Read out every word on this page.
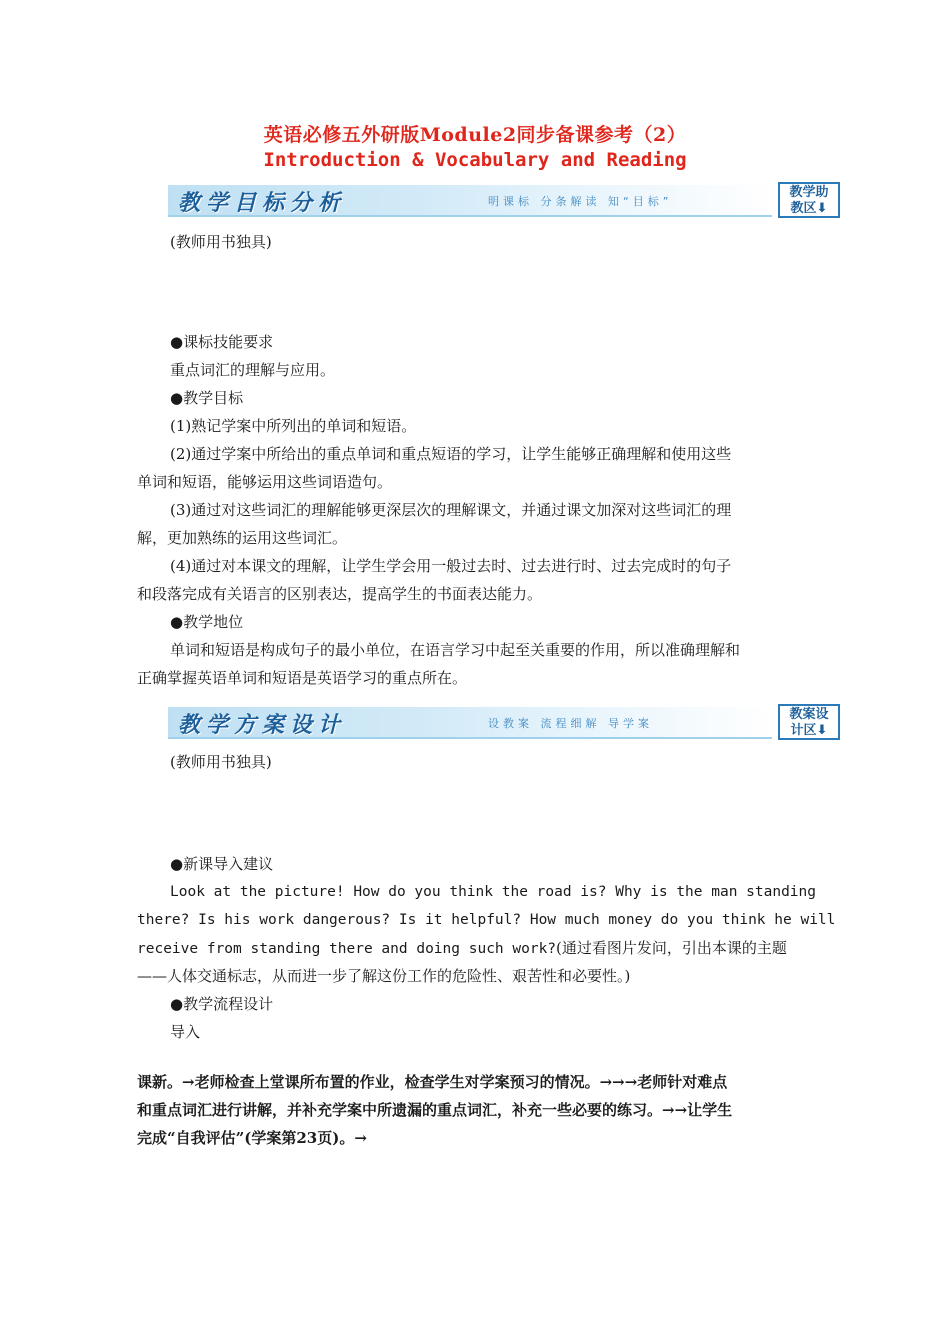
英语必修五外研版Module2同步备课参考（2）
Introduction & Vocabulary and Reading
教学目标分析	明课标 分条解读 知“目标”
教学助
教区⬇
(教师用书独具)
●课标技能要求
重点词汇的理解与应用。
●教学目标
(1)熟记学案中所列出的单词和短语。
(2)通过学案中所给出的重点单词和重点短语的学习，让学生能够正确理解和使用这些
单词和短语，能够运用这些词语造句。
(3)通过对这些词汇的理解能够更深层次的理解课文，并通过课文加深对这些词汇的理
解，更加熟练的运用这些词汇。
(4)通过对本课文的理解，让学生学会用一般过去时、过去进行时、过去完成时的句子
和段落完成有关语言的区别表达，提高学生的书面表达能力。
●教学地位
单词和短语是构成句子的最小单位，在语言学习中起至关重要的作用，所以准确理解和
正确掌握英语单词和短语是英语学习的重点所在。
教学方案设计	设教案 流程细解 导学案
教案设
计区⬇
(教师用书独具)
●新课导入建议
Look at the picture! How do you think the road is? Why is the man standing
there? Is his work dangerous? Is it helpful? How much money do you think he will
receive from standing there and doing such work?(通过看图片发问，引出本课的主题
——人体交通标志，从而进一步了解这份工作的危险性、艰苦性和必要性。)
●教学流程设计
导入
课新。→老师检查上堂课所布置的作业，检查学生对学案预习的情况。→→→老师针对难点
和重点词汇进行讲解，并补充学案中所遗漏的重点词汇，补充一些必要的练习。→→让学生
完成“自我评估”(学案第23页)。→
